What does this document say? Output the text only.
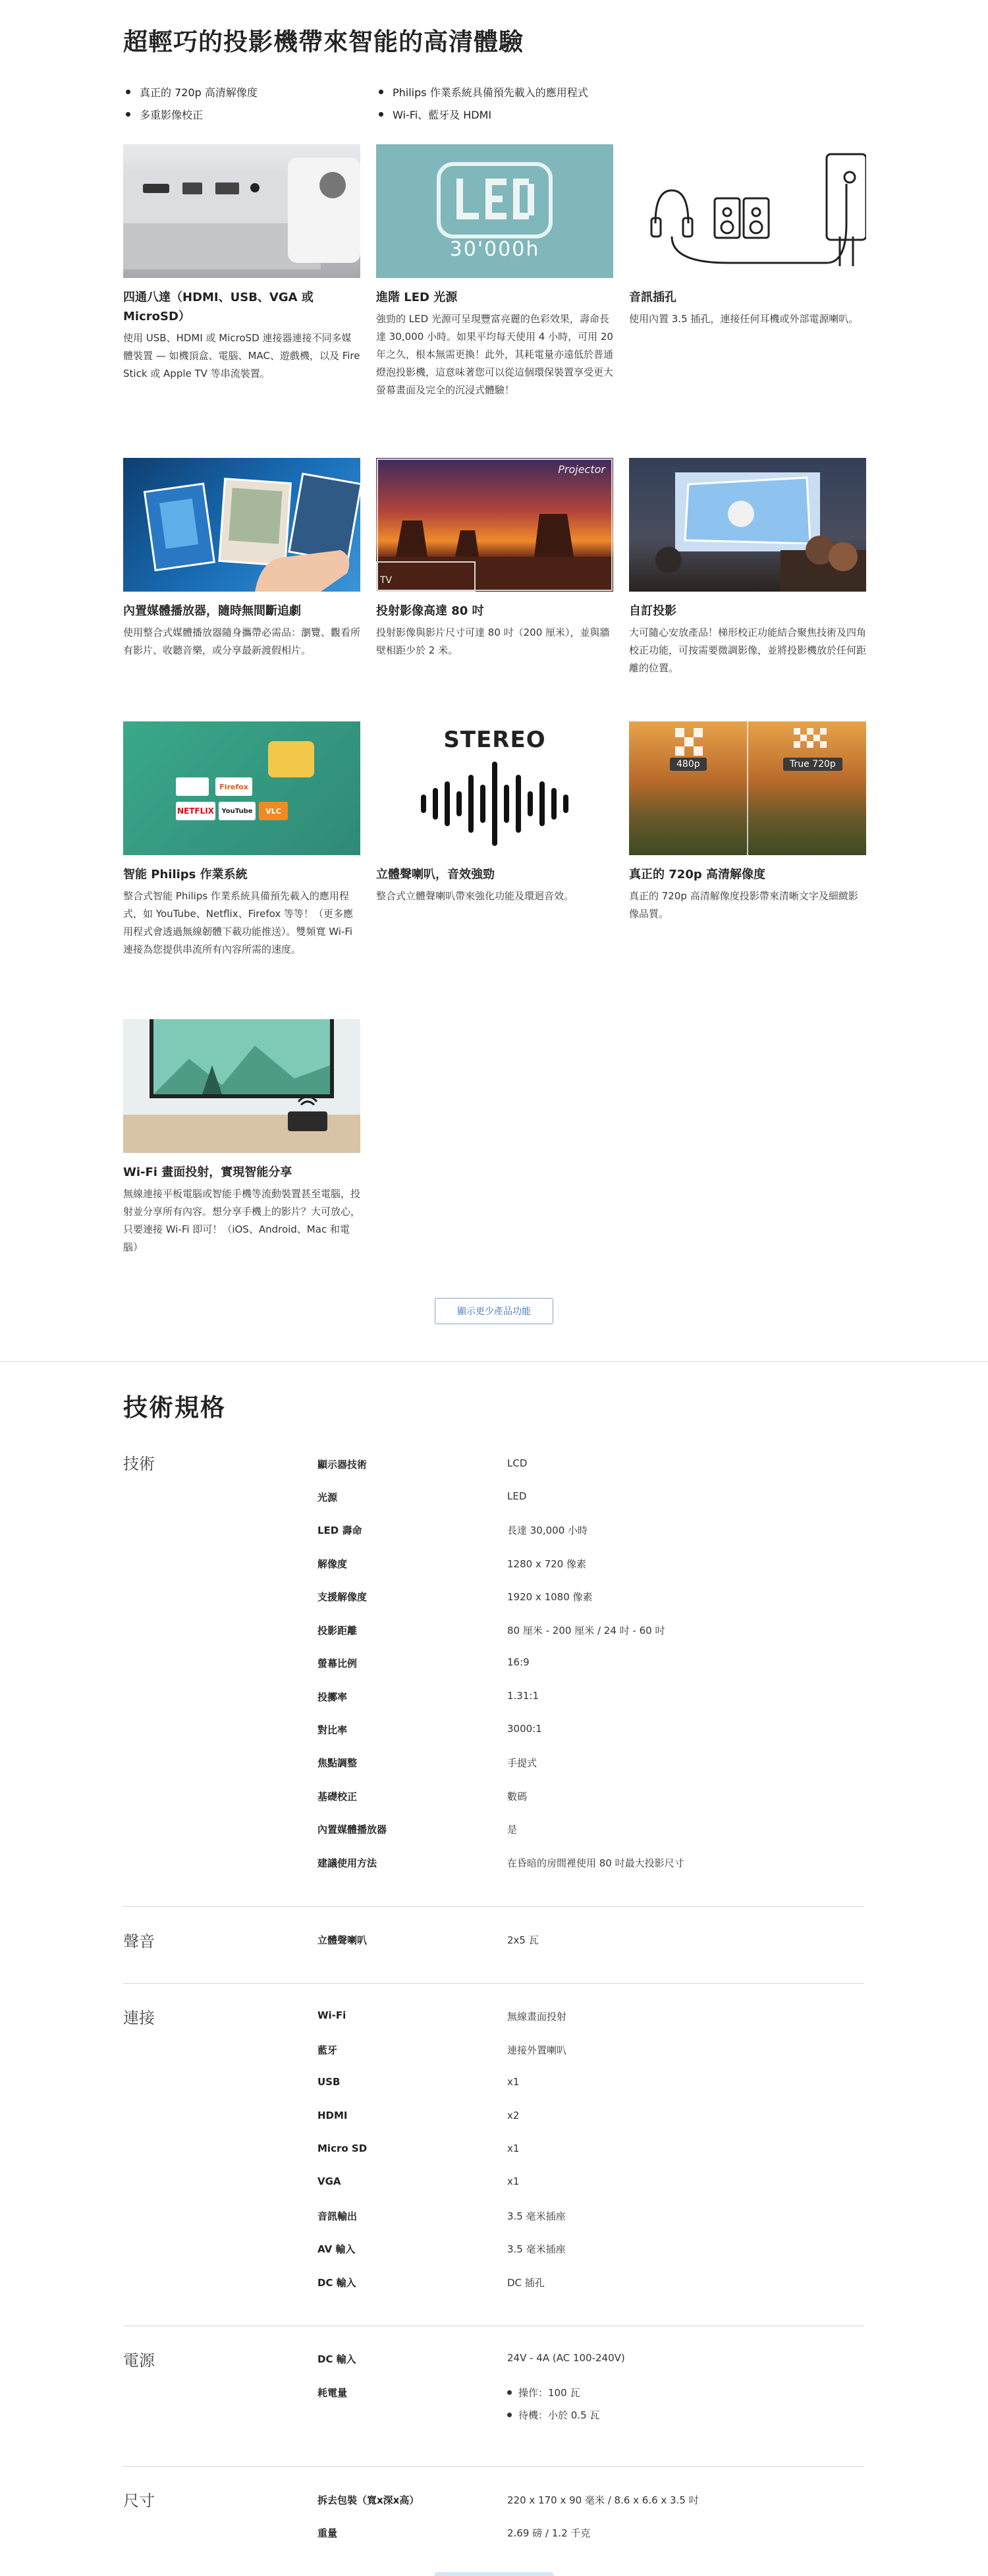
超輕巧的投影機帶來智能的高清體驗
真正的 720p 高清解像度
多重影像校正
Philips 作業系統具備預先載入的應用程式
Wi-Fi、藍牙及 HDMI
四通八達（HDMI、USB、VGA 或 MicroSD）
使用 USB、HDMI 或 MicroSD 連接器連接不同多媒體裝置 — 如機頂盒、電腦、MAC、遊戲機，以及 Fire Stick 或 Apple TV 等串流裝置。
30'000h
進階 LED 光源
強勁的 LED 光源可呈現豐富亮麗的色彩效果，壽命長達 30,000 小時。如果平均每天使用 4 小時，可用 20 年之久，根本無需更換！此外，其耗電量亦遠低於普通燈泡投影機，這意味著您可以從這個環保裝置享受更大螢幕畫面及完全的沉浸式體驗！
音訊插孔
使用內置 3.5 插孔，連接任何耳機或外部電源喇叭。
內置媒體播放器，隨時無間斷追劇
使用整合式媒體播放器隨身攜帶必需品：瀏覽、觀看所有影片、收聽音樂，或分享最新渡假相片。
Projector
TV
投射影像高達 80 吋
投射影像與影片尺寸可達 80 吋（200 厘米），並與牆壁相距少於 2 米。
自訂投影
大可隨心安放產品！梯形校正功能結合聚焦技術及四角校正功能，可按需要微調影像，並將投影機放於任何距離的位置。
Firefox
NETFLIX	YouTube	VLC
智能 Philips 作業系統
整合式智能 Philips 作業系統具備預先載入的應用程式，如 YouTube、Netflix、Firefox 等等！（更多應用程式會透過無線韌體下載功能推送）。雙頻寬 Wi-Fi 連接為您提供串流所有內容所需的速度。
STEREO
立體聲喇叭，音效強勁
整合式立體聲喇叭帶來強化功能及環迴音效。
480p	True 720p
真正的 720p 高清解像度
真正的 720p 高清解像度投影帶來清晰文字及細緻影像品質。
Wi-Fi 畫面投射，實現智能分享
無線連接平板電腦或智能手機等流動裝置甚至電腦，投射並分享所有內容。想分享手機上的影片？大可放心，只要連接 Wi-Fi 即可！（iOS、Android、Mac 和電腦）
顯示更少產品功能
技術規格
技術	顯示器技術	LCD
光源	LED
LED 壽命	長達 30,000 小時
解像度	1280 x 720 像素
支援解像度	1920 x 1080 像素
投影距離	80 厘米 - 200 厘米 / 24 吋 - 60 吋
螢幕比例	16:9
投擲率	1.31:1
對比率	3000:1
焦點調整	手提式
基礎校正	數碼
內置媒體播放器	是
建議使用方法	在昏暗的房間裡使用 80 吋最大投影尺寸
聲音	立體聲喇叭	2x5 瓦
連接	Wi-Fi	無線畫面投射
藍牙	連接外置喇叭
USB	x1
HDMI	x2
Micro SD	x1
VGA	x1
音訊輸出	3.5 毫米插座
AV 輸入	3.5 毫米插座
DC 輸入	DC 插孔
電源	DC 輸入	24V - 4A (AC 100-240V)
耗電量	操作：100 瓦
待機：小於 0.5 瓦
尺寸	拆去包裝（寬x深x高）	220 x 170 x 90 毫米 / 8.6 x 6.6 x 3.5 吋
重量	2.69 磅 / 1.2 千克
